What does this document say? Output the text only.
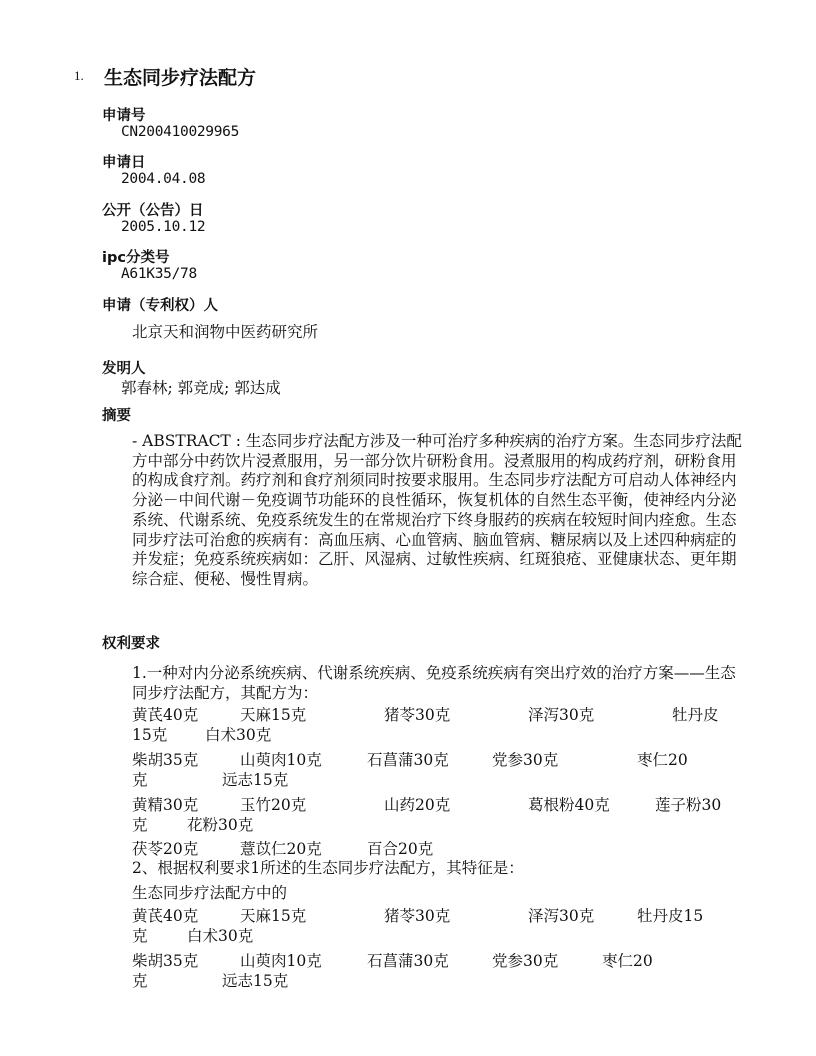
1. 生态同步疗法配方
申请号
CN200410029965
申请日
2004.04.08
公开（公告）日
2005.10.12
ipc分类号
A61K35/78
申请（专利权）人
北京天和润物中医药研究所
发明人
郭春林; 郭竞成; 郭达成
摘要

- ABSTRACT : 生态同步疗法配方涉及一种可治疗多种疾病的治疗方案。生态同步疗法配方中部分中药饮片浸煮服用，另一部分饮片研粉食用。浸煮服用的构成药疗剂，研粉食用的构成食疗剂。药疗剂和食疗剂须同时按要求服用。生态同步疗法配方可启动人体神经内分泌－中间代谢－免疫调节功能环的良性循环，恢复机体的自然生态平衡，使神经内分泌系统、代谢系统、免疫系统发生的在常规治疗下终身服药的疾病在较短时间内痊愈。生态同步疗法可治愈的疾病有：高血压病、心血管病、脑血管病、糖尿病以及上述四种病症的并发症；免疫系统疾病如：乙肝、风湿病、过敏性疾病、红斑狼疮、亚健康状态、更年期综合症、便秘、慢性胃病。

权利要求

1.一种对内分泌系统疾病、代谢系统疾病、免疫系统疾病有突出疗效的治疗方案——生态同步疗法配方，其配方为：

黄芪40克	天麻15克	猪苓30克	泽泻30克	牡丹皮
15克 白术30克
柴胡35克	山萸肉10克	石菖蒲30克	党参30克	枣仁20
克	远志15克
黄精30克	玉竹20克	山药20克	葛根粉40克	莲子粉30
克	花粉30克
茯苓20克	薏苡仁20克	百合20克

2、根据权利要求1所述的生态同步疗法配方，其特征是：

生态同步疗法配方中的

黄芪40克	天麻15克	猪苓30克	泽泻30克	牡丹皮15
克	白术30克
柴胡35克	山萸肉10克	石菖蒲30克	党参30克	枣仁20
克	远志15克
